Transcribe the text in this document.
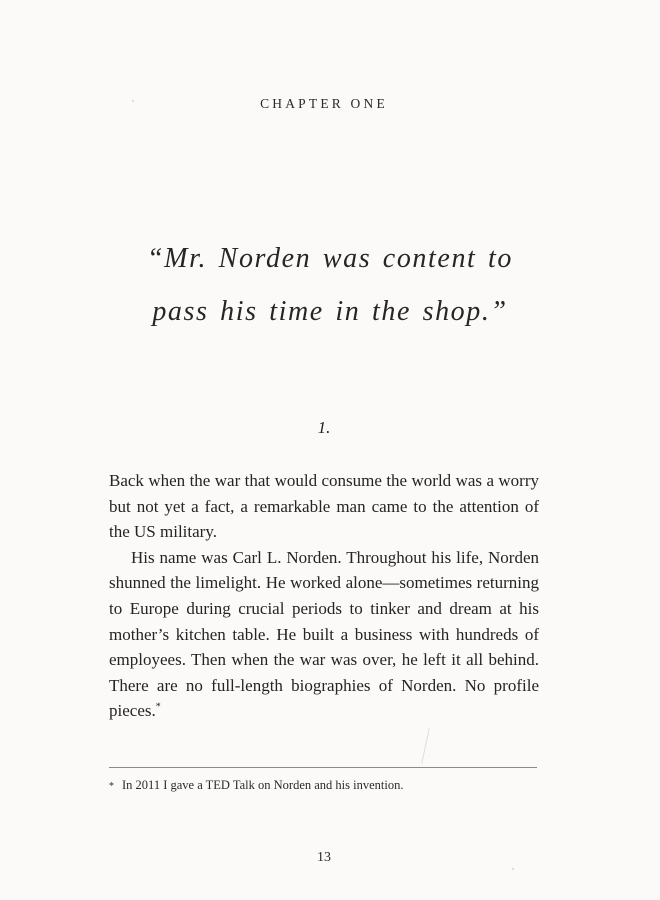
CHAPTER ONE
“Mr. Norden was content to
pass his time in the shop.”
1.

Back when the war that would consume the world was a worry but not yet a fact, a remarkable man came to the attention of the US military.

His name was Carl L. Norden. Throughout his life, Norden shunned the limelight. He worked alone—sometimes returning to Europe during crucial periods to tinker and dream at his mother’s kitchen table. He built a business with hundreds of employees. Then when the war was over, he left it all behind. There are no full-length biographies of Norden. No profile pieces.*

* In 2011 I gave a TED Talk on Norden and his invention.
13
